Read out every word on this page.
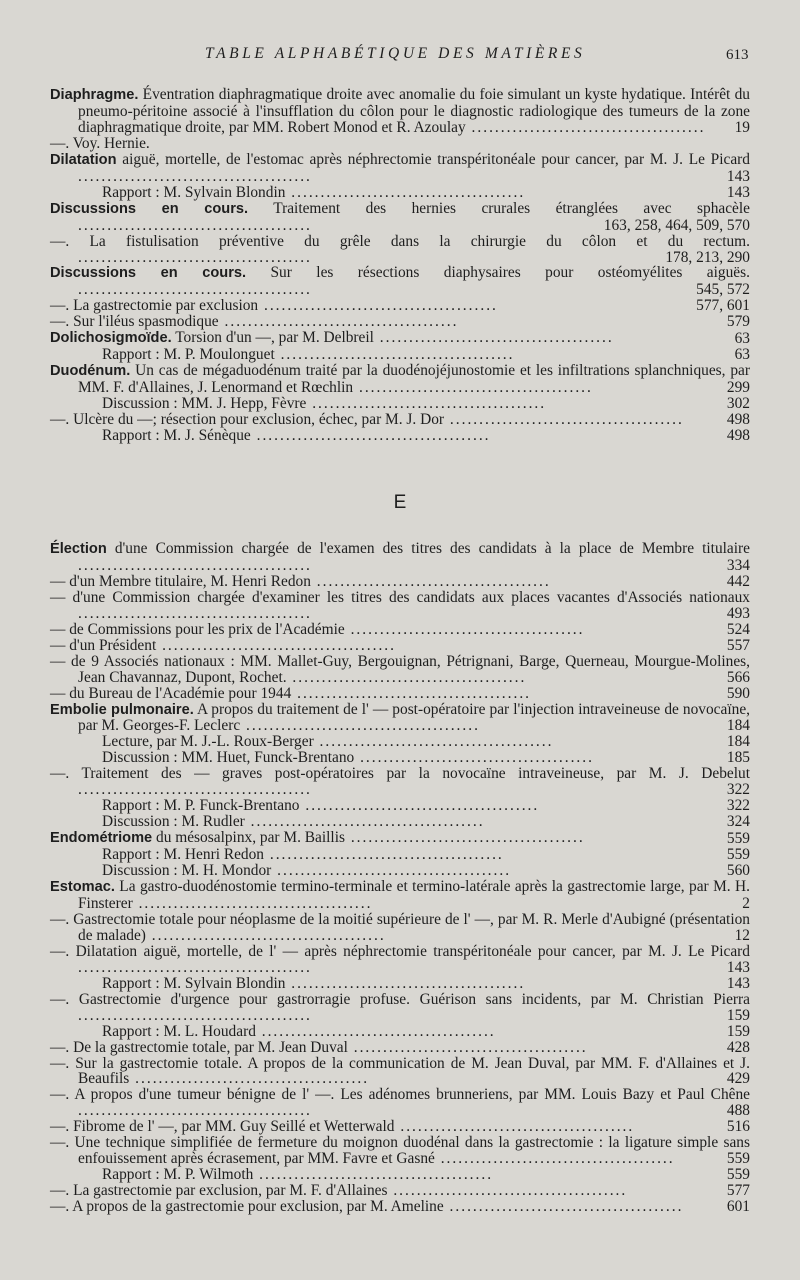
TABLE ALPHABÉTIQUE DES MATIÈRES	613
Diaphragme. Éventration diaphragmatique droite avec anomalie du foie simulant un kyste hydatique. Intérêt du pneumo-péritoine associé à l'insufflation du côlon pour le diagnostic radiologique des tumeurs de la zone diaphragmatique droite, par MM. Robert Monod et R. Azoulay ........................................ 19
—. Voy. Hernie.
Dilatation aiguë, mortelle, de l'estomac après néphrectomie transpéritonéale pour cancer, par M. J. Le Picard ........................................	143
Rapport : M. Sylvain Blondin ........................................	143
Discussions en cours. Traitement des hernies crurales étranglées avec sphacèle ........................................	163, 258, 464, 509, 570
—. La fistulisation préventive du grêle dans la chirurgie du côlon et du rectum. ........................................	178, 213, 290
Discussions en cours. Sur les résections diaphysaires pour ostéomyélites aiguës. ........................................	545, 572
—. La gastrectomie par exclusion ........................................	577, 601
—. Sur l'iléus spasmodique ........................................	579
Dolichosigmoïde. Torsion d'un —, par M. Delbreil ........................................	63
Rapport : M. P. Moulonguet ........................................	63
Duodénum. Un cas de mégaduodénum traité par la duodénojéjunostomie et les infiltrations splanchniques, par MM. F. d'Allaines, J. Lenormand et Rœchlin ........................................	299
Discussion : MM. J. Hepp, Fèvre ........................................	302
—. Ulcère du —; résection pour exclusion, échec, par M. J. Dor ........................................	498
Rapport : M. J. Sénèque ........................................	498
E
Élection d'une Commission chargée de l'examen des titres des candidats à la place de Membre titulaire ........................................	334
— d'un Membre titulaire, M. Henri Redon ........................................	442
— d'une Commission chargée d'examiner les titres des candidats aux places vacantes d'Associés nationaux ........................................	493
— de Commissions pour les prix de l'Académie ........................................	524
— d'un Président ........................................	557
— de 9 Associés nationaux : MM. Mallet-Guy, Bergouignan, Pétrignani, Barge, Querneau, Mourgue-Molines, Jean Chavannaz, Dupont, Rochet. ........................................	566
— du Bureau de l'Académie pour 1944 ........................................	590
Embolie pulmonaire. A propos du traitement de l' — post-opératoire par l'injection intraveineuse de novocaïne, par M. Georges-F. Leclerc ........................................	184
Lecture, par M. J.-L. Roux-Berger ........................................	184
Discussion : MM. Huet, Funck-Brentano ........................................	185
—. Traitement des — graves post-opératoires par la novocaïne intraveineuse, par M. J. Debelut ........................................	322
Rapport : M. P. Funck-Brentano ........................................	322
Discussion : M. Rudler ........................................	324
Endométriome du mésosalpinx, par M. Baillis ........................................	559
Rapport : M. Henri Redon ........................................	559
Discussion : M. H. Mondor ........................................	560
Estomac. La gastro-duodénostomie termino-terminale et termino-latérale après la gastrectomie large, par M. H. Finsterer ........................................	2
—. Gastrectomie totale pour néoplasme de la moitié supérieure de l' —, par M. R. Merle d'Aubigné (présentation de malade) ........................................	12
—. Dilatation aiguë, mortelle, de l' — après néphrectomie transpéritonéale pour cancer, par M. J. Le Picard ........................................	143
Rapport : M. Sylvain Blondin ........................................	143
—. Gastrectomie d'urgence pour gastrorragie profuse. Guérison sans incidents, par M. Christian Pierra ........................................	159
Rapport : M. L. Houdard ........................................	159
—. De la gastrectomie totale, par M. Jean Duval ........................................	428
—. Sur la gastrectomie totale. A propos de la communication de M. Jean Duval, par MM. F. d'Allaines et J. Beaufils ........................................	429
—. A propos d'une tumeur bénigne de l' —. Les adénomes brunneriens, par MM. Louis Bazy et Paul Chêne ........................................	488
—. Fibrome de l' —, par MM. Guy Seillé et Wetterwald ........................................	516
—. Une technique simplifiée de fermeture du moignon duodénal dans la gastrectomie : la ligature simple sans enfouissement après écrasement, par MM. Favre et Gasné ........................................	559
Rapport : M. P. Wilmoth ........................................	559
—. La gastrectomie par exclusion, par M. F. d'Allaines ........................................	577
—. A propos de la gastrectomie pour exclusion, par M. Ameline ........................................	601
